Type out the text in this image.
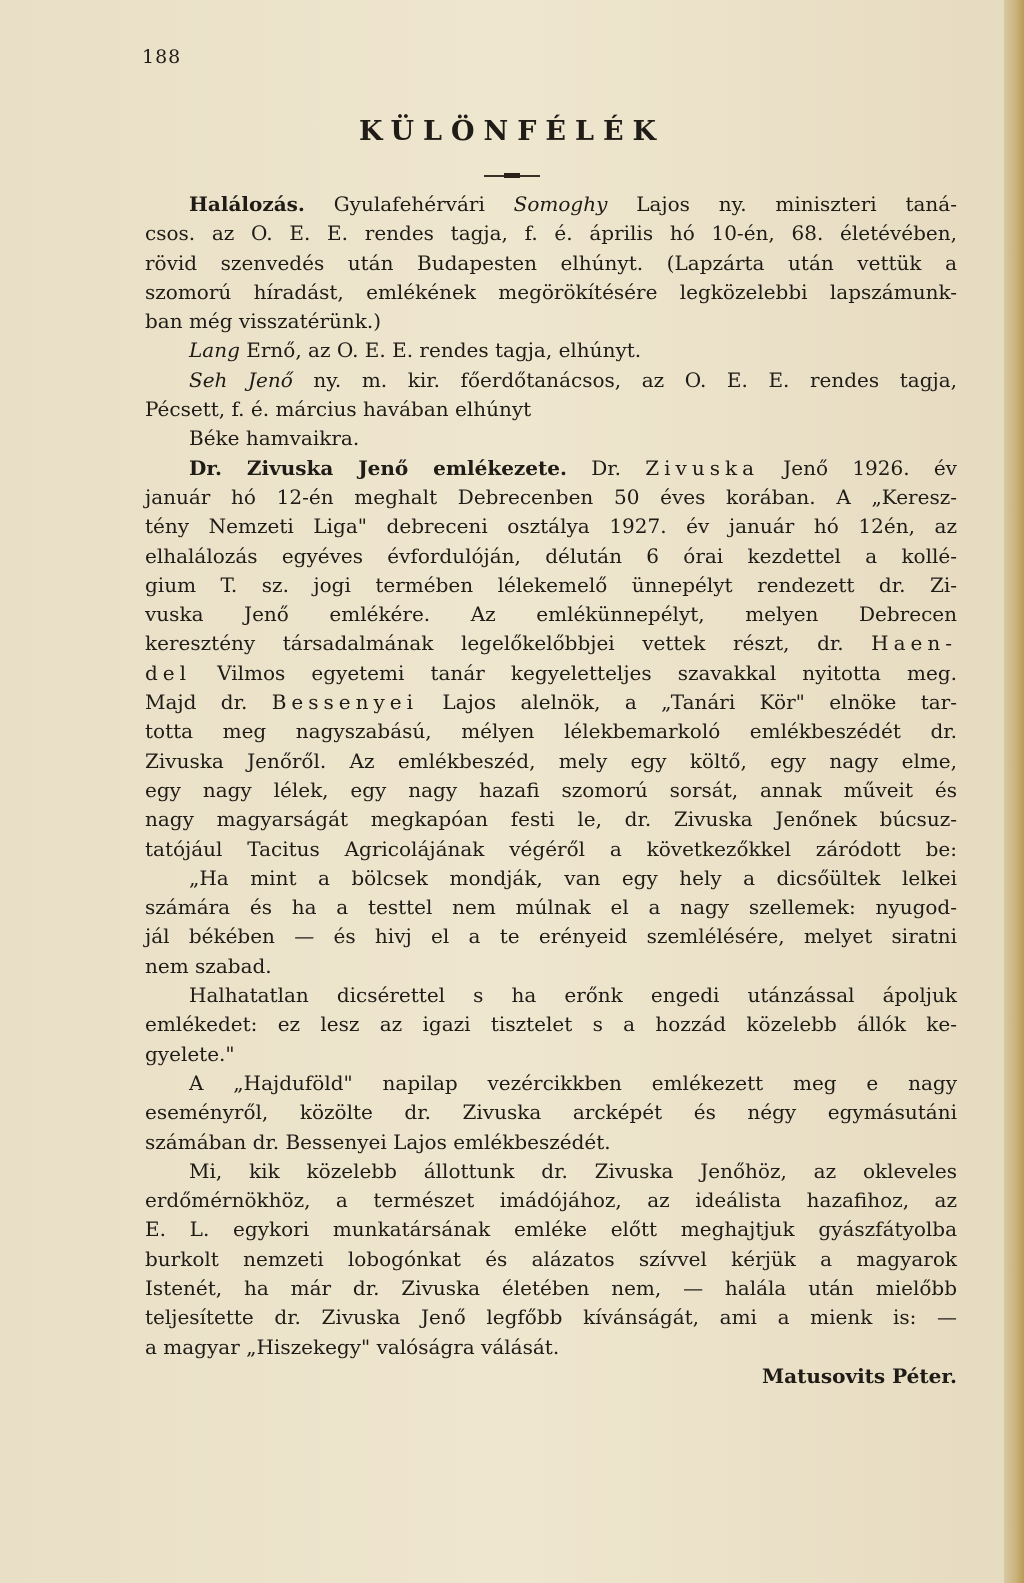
188
KÜLÖNFÉLÉK
Halálozás. Gyulafehérvári Somoghy Lajos ny. miniszteri taná-
csos. az O. E. E. rendes tagja, f. é. április hó 10-én, 68. életévében,
rövid szenvedés után Budapesten elhúnyt. (Lapzárta után vettük a
szomorú híradást, emlékének megörökítésére legközelebbi lapszámunk-
ban még visszatérünk.)
Lang Ernő, az O. E. E. rendes tagja, elhúnyt.
Seh Jenő ny. m. kir. főerdőtanácsos, az O. E. E. rendes tagja,
Pécsett, f. é. március havában elhúnyt
Béke hamvaikra.
Dr. Zivuska Jenő emlékezete. Dr. Zivuska Jenő 1926. év
január hó 12-én meghalt Debrecenben 50 éves korában. A „Keresz-
tény Nemzeti Liga" debreceni osztálya 1927. év január hó 12én, az
elhalálozás egyéves évfordulóján, délután 6 órai kezdettel a kollé-
gium T. sz. jogi termében lélekemelő ünnepélyt rendezett dr. Zi-
vuska Jenő emlékére. Az emlékünnepélyt, melyen Debrecen
keresztény társadalmának legelőkelőbbjei vettek részt, dr. Haen-
del Vilmos egyetemi tanár kegyeletteljes szavakkal nyitotta meg.
Majd dr. Bessenyei Lajos alelnök, a „Tanári Kör" elnöke tar-
totta meg nagyszabású, mélyen lélekbemarkoló emlékbeszédét dr.
Zivuska Jenőről. Az emlékbeszéd, mely egy költő, egy nagy elme,
egy nagy lélek, egy nagy hazafi szomorú sorsát, annak műveit és
nagy magyarságát megkapóan festi le, dr. Zivuska Jenőnek búcsuz-
tatójául Tacitus Agricolájának végéről a következőkkel záródott be:
„Ha mint a bölcsek mondják, van egy hely a dicsőültek lelkei
számára és ha a testtel nem múlnak el a nagy szellemek: nyugod-
jál békében — és hivj el a te erényeid szemlélésére, melyet siratni
nem szabad.
Halhatatlan dicsérettel s ha erőnk engedi utánzással ápoljuk
emlékedet: ez lesz az igazi tisztelet s a hozzád közelebb állók ke-
gyelete."
A „Hajduföld" napilap vezércikkben emlékezett meg e nagy
eseményről, közölte dr. Zivuska arcképét és négy egymásutáni
számában dr. Bessenyei Lajos emlékbeszédét.
Mi, kik közelebb állottunk dr. Zivuska Jenőhöz, az okleveles
erdőmérnökhöz, a természet imádójához, az ideálista hazafihoz, az
E. L. egykori munkatársának emléke előtt meghajtjuk gyászfátyolba
burkolt nemzeti lobogónkat és alázatos szívvel kérjük a magyarok
Istenét, ha már dr. Zivuska életében nem, — halála után mielőbb
teljesítette dr. Zivuska Jenő legfőbb kívánságát, ami a mienk is: —
a magyar „Hiszekegy" valóságra válását.
Matusovits Péter.
